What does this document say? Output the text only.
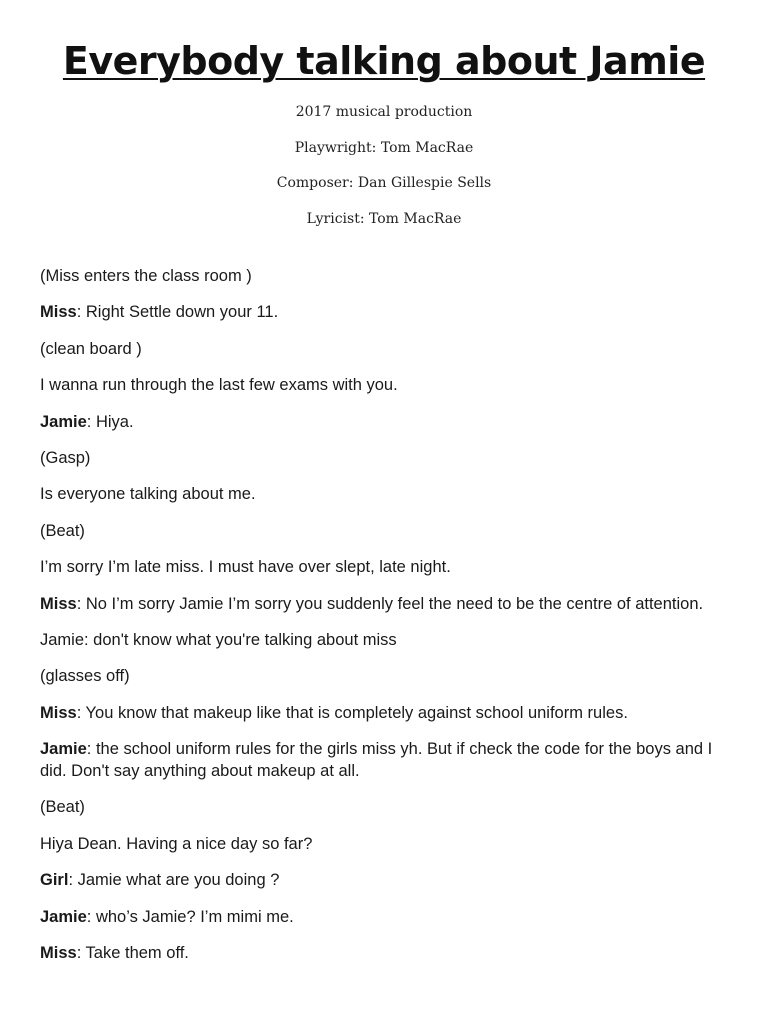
Everybody talking about Jamie
2017 musical production
Playwright: Tom MacRae
Composer: Dan Gillespie Sells
Lyricist: Tom MacRae
(Miss enters the class room )
Miss: Right Settle down your 11.
(clean board )
I wanna run through the last few exams with you.
Jamie: Hiya.
(Gasp)
Is everyone talking about me.
(Beat)
I’m sorry I’m late miss. I must have over slept, late night.
Miss: No I’m sorry Jamie I’m sorry you suddenly feel the need to be the centre of attention.
Jamie: don't know what you're talking about miss
(glasses off)
Miss: You know that makeup like that is completely against school uniform rules.
Jamie: the school uniform rules for the girls miss yh. But if check the code for the boys and I did. Don't say anything about makeup at all.
(Beat)
Hiya Dean. Having a nice day so far?
Girl: Jamie what are you doing ?
Jamie: who’s Jamie? I’m mimi me.
Miss: Take them off.
